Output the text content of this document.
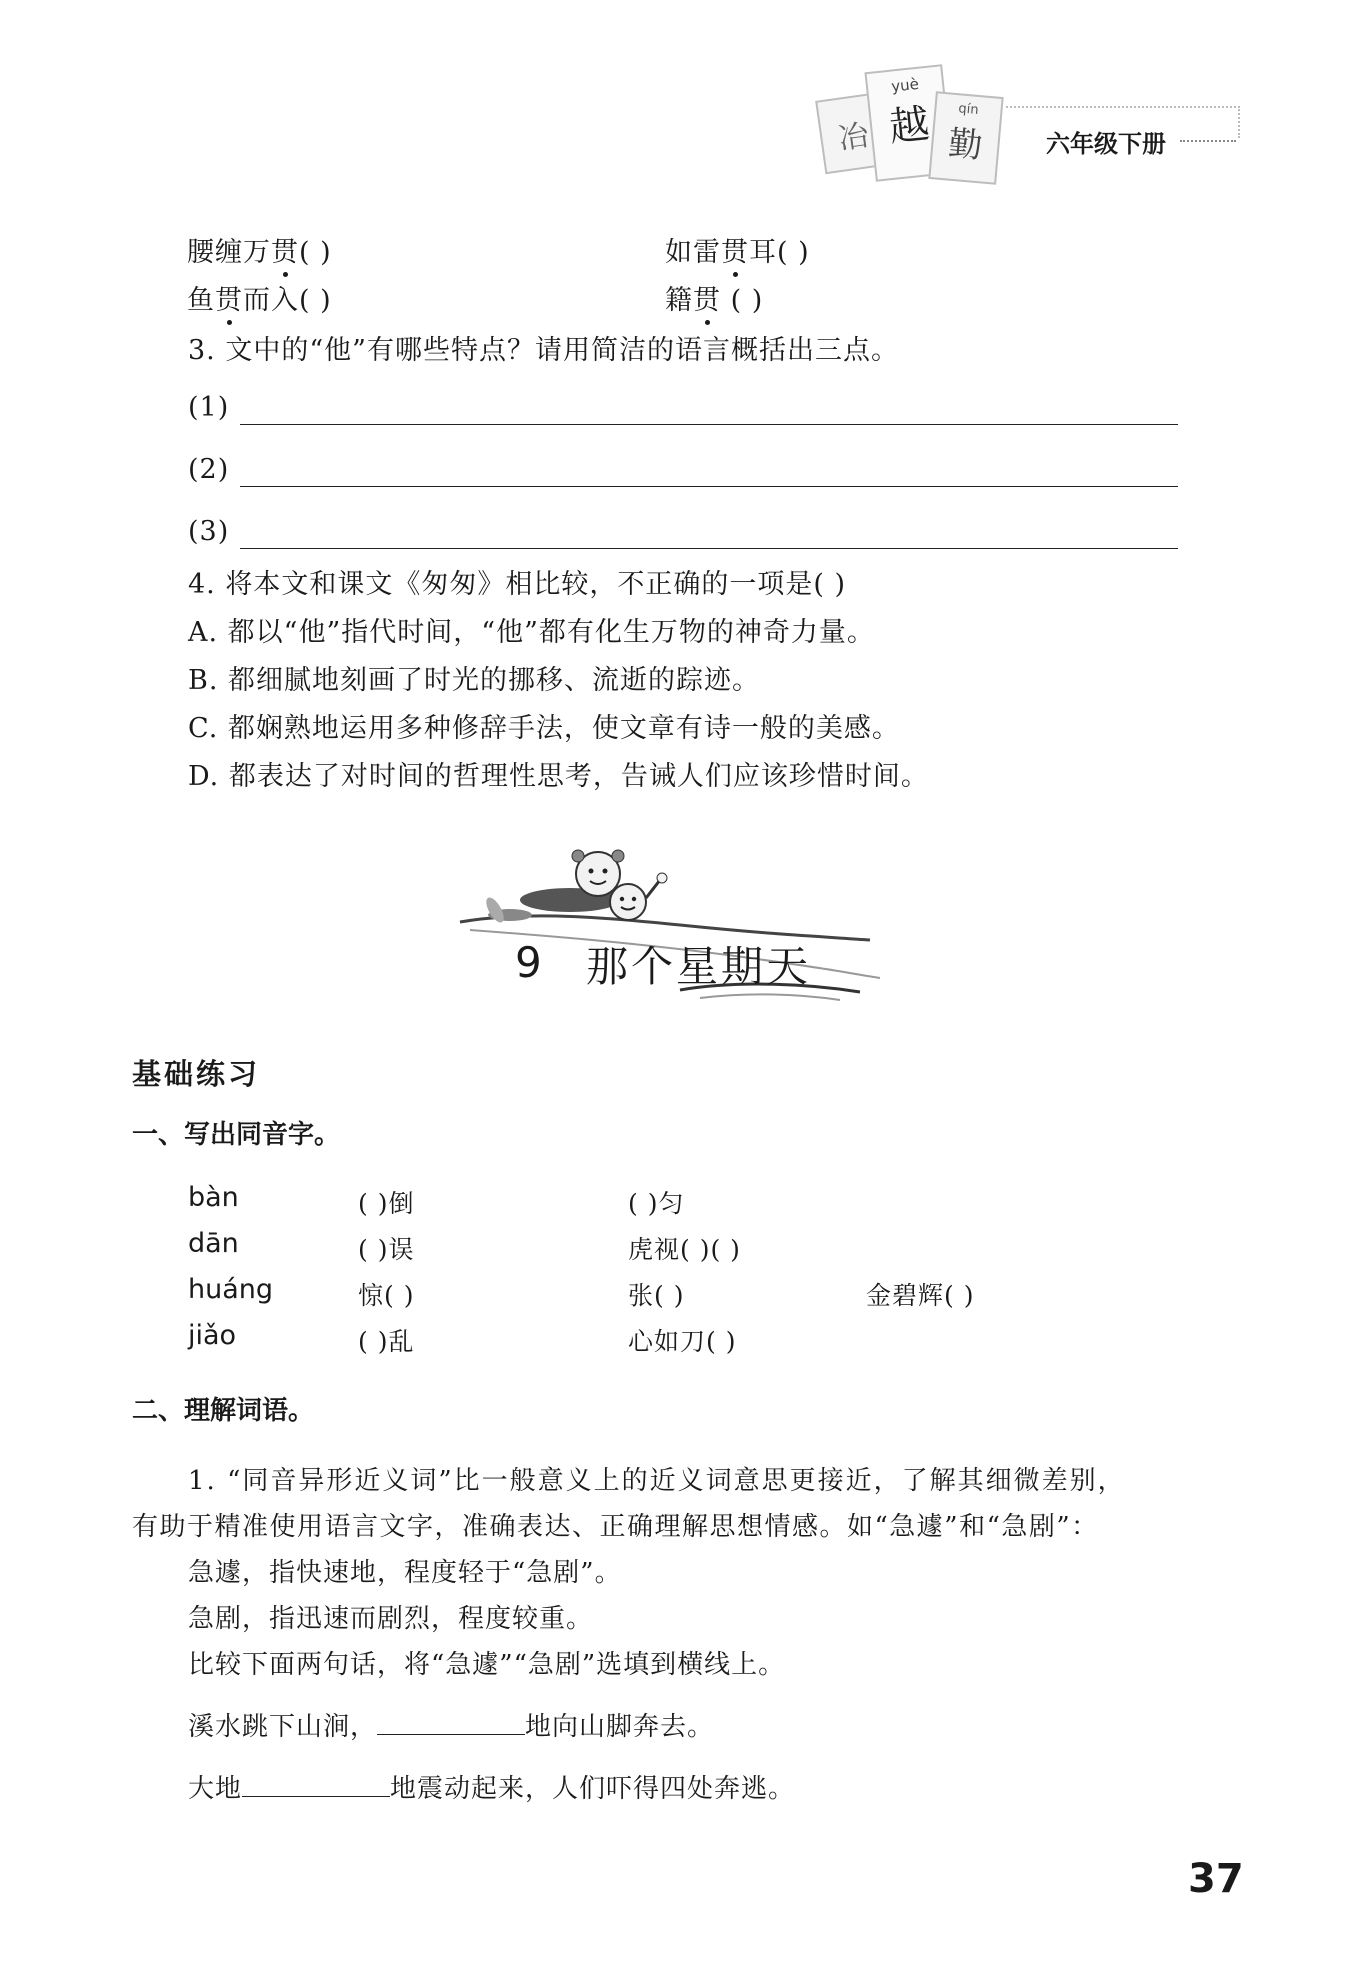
冶
yuè
越	qín
勤	六年级下册
腰缠万贯( )	如雷贯耳( )
鱼贯而入( )	籍贯 ( )
3. 文中的“他”有哪些特点？请用简洁的语言概括出三点。
(1)
(2)
(3)
4. 将本文和课文《匆匆》相比较，不正确的一项是( )
A. 都以“他”指代时间，“他”都有化生万物的神奇力量。
B. 都细腻地刻画了时光的挪移、流逝的踪迹。
C. 都娴熟地运用多种修辞手法，使文章有诗一般的美感。
D. 都表达了对时间的哲理性思考，告诫人们应该珍惜时间。
9 那个星期天
基础练习
一、写出同音字。
bàn	( )倒	( )匀
dān	( )误	虎视( )( )
huáng	惊( )	张( )	金碧辉( )
jiǎo	( )乱	心如刀( )
二、理解词语。
1. “同音异形近义词”比一般意义上的近义词意思更接近，了解其细微差别，
有助于精准使用语言文字，准确表达、正确理解思想情感。如“急遽”和“急剧”：
急遽，指快速地，程度轻于“急剧”。
急剧，指迅速而剧烈，程度较重。
比较下面两句话，将“急遽”“急剧”选填到横线上。
溪水跳下山涧，	地向山脚奔去。
大地	地震动起来，人们吓得四处奔逃。
37
